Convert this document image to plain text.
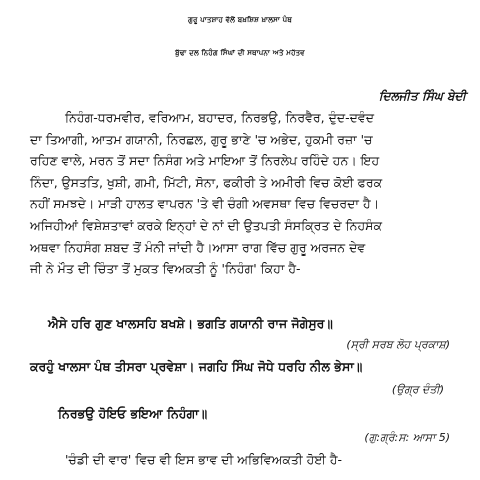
ਗੁਰੂ ਪਾਤਸ਼ਾਹ ਵੱਲੋਂ ਬਖ਼ਸ਼ਿਸ਼ ਖ਼ਾਲਸਾ ਪੰਥ
ਬੁੱਢਾ ਦਲ ਨਿਹੰਗ ਸਿੰਘਾਂ ਦੀ ਸਥਾਪਨਾ ਅਤੇ ਮਹੱਤਵ
ਦਿਲਜੀਤ ਸਿੰਘ ਬੇਦੀ
ਨਿਹੰਗ-ਧਰਮਵੀਰ, ਵਰਿਆਮ, ਬਹਾਦਰ, ਨਿਰਭਉ, ਨਿਰਵੈਰ, ਦੁੰਦ-ਦਵੰਦ
ਦਾ ਤਿਆਗੀ, ਆਤਮ ਗਯਾਨੀ, ਨਿਰਛਲ, ਗੁਰੂ ਭਾਣੇ 'ਚ ਅਭੇਦ, ਹੁਕਮੀ ਰਜ਼ਾ 'ਚ
ਰਹਿਣ ਵਾਲੇ, ਮਰਨ ਤੋਂ ਸਦਾ ਨਿਸੰਗ ਅਤੇ ਮਾਇਆ ਤੋਂ ਨਿਰਲੇਪ ਰਹਿੰਦੇ ਹਨ। ਇਹ
ਨਿੰਦਾ, ਉਸਤਤਿ, ਖੁਸ਼ੀ, ਗਮੀ, ਮਿੱਟੀ, ਸੋਨਾ, ਫਕੀਰੀ ਤੇ ਅਮੀਰੀ ਵਿਚ ਕੋਈ ਫਰਕ
ਨਹੀਂ ਸਮਝਦੇ। ਮਾੜੀ ਹਾਲਤ ਵਾਪਰਨ 'ਤੇ ਵੀ ਚੰਗੀ ਅਵਸਥਾ ਵਿਚ ਵਿਚਰਦਾ ਹੈ।
ਅਜਿਹੀਆਂ ਵਿਸ਼ੇਸ਼ਤਾਵਾਂ ਕਰਕੇ ਇਨ੍ਹਾਂ ਦੇ ਨਾਂ ਦੀ ਉਤਪਤੀ ਸੰਸਕ੍ਰਿਤ ਦੇ ਨਿਹਸੰਕ
ਅਥਵਾ ਨਿਹਸੰਗ ਸ਼ਬਦ ਤੋਂ ਮੰਨੀ ਜਾਂਦੀ ਹੈ।ਆਸਾ ਰਾਗ ਵਿੱਚ ਗੁਰੂ ਅਰਜਨ ਦੇਵ
ਜੀ ਨੇ ਮੌਤ ਦੀ ਚਿੰਤਾ ਤੋਂ ਮੁਕਤ ਵਿਅਕਤੀ ਨੂੰ 'ਨਿਹੰਗ' ਕਿਹਾ ਹੈ-
ਐਸੇ ਹਰਿ ਗੁਣ ਖਾਲਸਹਿ ਬਖਸ਼ੇ। ਭਗਤਿ ਗਯਾਨੀ ਰਾਜ ਜੋਗੇਸੁਰ॥
(ਸ੍ਰੀ ਸਰਬ ਲੋਹ ਪ੍ਰਕਾਸ਼)
ਕਰਹੁੰ ਖਾਲਸਾ ਪੰਥ ਤੀਸਰਾ ਪ੍ਰਵੇਸ਼ਾ। ਜਗਹਿ ਸਿੰਘ ਜੋਧੇ ਧਰਹਿ ਨੀਲ ਭੇਸਾ॥
(ਉਗ੍ਰ ਦੰਤੀ)
ਨਿਰਭਉ ਹੋਇਓ ਭਇਆ ਨਿਹੰਗਾ॥
(ਗੁ:ਗ੍ਰੰ:ਸ: ਆਸਾ 5)
'ਚੰਡੀ ਦੀ ਵਾਰ' ਵਿਚ ਵੀ ਇਸ ਭਾਵ ਦੀ ਅਭਿਵਿਅਕਤੀ ਹੋਈ ਹੈ-
